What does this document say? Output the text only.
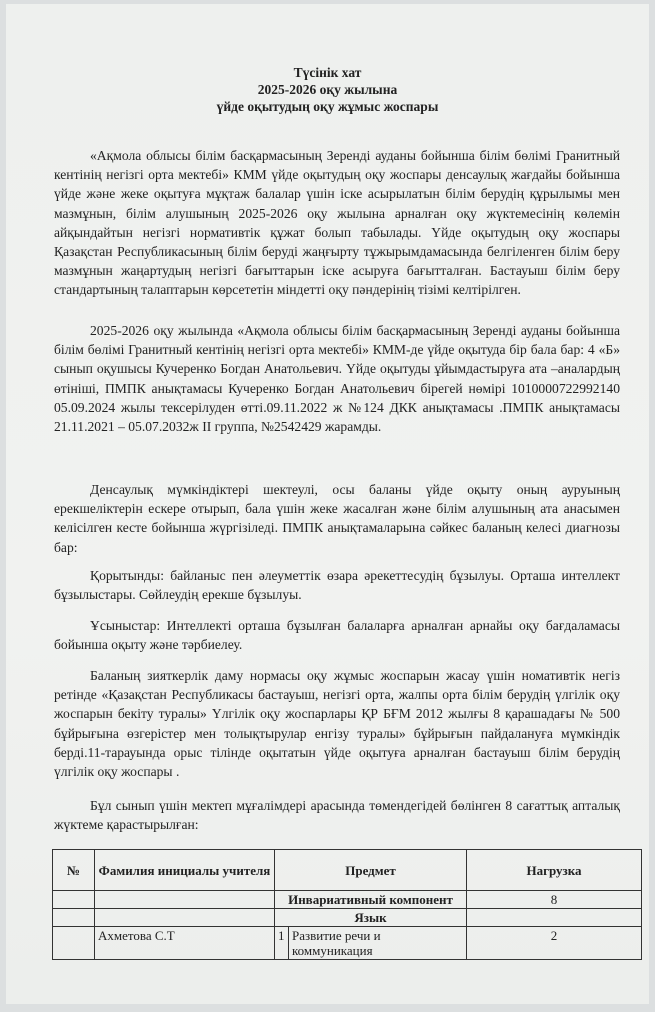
Түсінік хат
2025-2026 оқу жылына
үйде оқытудың оқу жұмыс жоспары

«Ақмола облысы білім басқармасының Зеренді ауданы бойынша білім бөлімі Гранитный кентінің негізгі орта мектебі» КММ үйде оқытудың оқу жоспары денсаулық жағдайы бойынша үйде және жеке оқытуға мұқтаж балалар үшін іске асырылатын білім берудің құрылымы мен мазмұнын, білім алушының 2025-2026 оқу жылына арналған оқу жүктемесінің көлемін айқындайтын негізгі нормативтік құжат болып табылады. Үйде оқытудың оқу жоспары Қазақстан Республикасының білім беруді жаңғырту тұжырымдамасында белгіленген білім беру мазмұнын жаңартудың негізгі бағыттарын іске асыруға бағытталған. Бастауыш білім беру стандартының талаптарын көрсететін міндетті оқу пәндерінің тізімі келтірілген.

2025-2026 оқу жылында «Ақмола облысы білім басқармасының Зеренді ауданы бойынша білім бөлімі Гранитный кентінің негізгі орта мектебі» КММ-де үйде оқытуда бір бала бар: 4 «Б» сынып оқушысы Кучеренко Богдан Анатольевич. Үйде оқытуды ұйымдастыруға ата –аналардың өтініші, ПМПК анықтамасы Кучеренко Богдан Анатольевич бірегей нөмірі 1010000722992140 05.09.2024 жылы тексерілуден өтті.09.11.2022 ж №124 ДКК анықтамасы .ПМПК анықтамасы 21.11.2021 – 05.07.2032ж II группа, №2542429 жарамды.

Денсаулық мүмкіндіктері шектеулі, осы баланы үйде оқыту оның ауруының ерекшеліктерін ескере отырып, бала үшін жеке жасалған және білім алушының ата анасымен келісілген кесте бойынша жүргізіледі. ПМПК анықтамаларына сәйкес баланың келесі диагнозы бар:

Қорытынды: байланыс пен әлеуметтік өзара әрекеттесудің бұзылуы. Орташа интеллект бұзылыстары. Сөйлеудің ерекше бұзылуы.

Ұсыныстар: Интеллекті орташа бұзылған балаларға арналған арнайы оқу бағдаламасы бойынша оқыту және тәрбиелеу.

Баланың зияткерлік даму нормасы оқу жұмыс жоспарын жасау үшін номативтік негіз ретінде «Қазақстан Республикасы бастауыш, негізгі орта, жалпы орта білім берудің үлгілік оқу жоспарын бекіту туралы» Үлгілік оқу жоспарлары ҚР БҒМ 2012 жылғы 8 қарашадағы № 500 бұйрығына өзгерістер мен толықтырулар енгізу туралы» бұйрығын пайдалануға мүмкіндік берді.11-тарауында орыс тілінде оқытатын үйде оқытуға арналған бастауыш білім берудің үлгілік оқу жоспары .

Бұл сынып үшін мектеп мұғалімдері арасында төмендегідей бөлінген 8 сағаттық апталық жүктеме қарастырылған:

№	Фамилия инициалы учителя	Предмет		Нагрузка
		Инвариативный компонент		8
		Язык		
	Ахметова С.Т	1	Развитие речи и коммуникация	2
